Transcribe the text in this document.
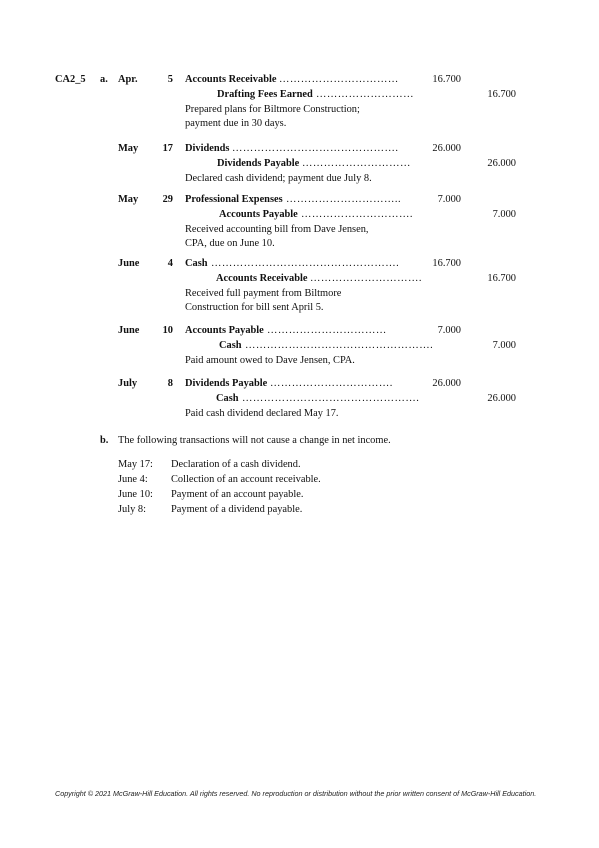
CA2_5 a. Apr.	5 Accounts Receivable ……………………………	16.700
Drafting Fees Earned ………………………	16.700
Prepared plans for Biltmore Construction;
payment due in 30 days.
May	17 Dividends ……………………………………….	26.000
Dividends Payable …………………………	26.000
Declared cash dividend; payment due July 8.
May	29 Professional Expenses …………………………..	7.000
Accounts Payable ………………………….	7.000
Received accounting bill from Dave Jensen,
CPA, due on June 10.
June	4 Cash …………………………………………….	16.700
Accounts Receivable ………………………….	16.700
Received full payment from Biltmore
Construction for bill sent April 5.
June	10 Accounts Payable ……………………………	7.000
Cash …………………………………………….	7.000
Paid amount owed to Dave Jensen, CPA.
July	8 Dividends Payable …………………………….	26.000
Cash ………………………………………….	26.000
Paid cash dividend declared May 17.
b. The following transactions will not cause a change in net income.
May 17: Declaration of a cash dividend.
June 4: Collection of an account receivable.
June 10: Payment of an account payable.
July 8: Payment of a dividend payable.
Copyright © 2021 McGraw-Hill Education. All rights reserved. No reproduction or distribution without the prior written consent of McGraw-Hill Education.
